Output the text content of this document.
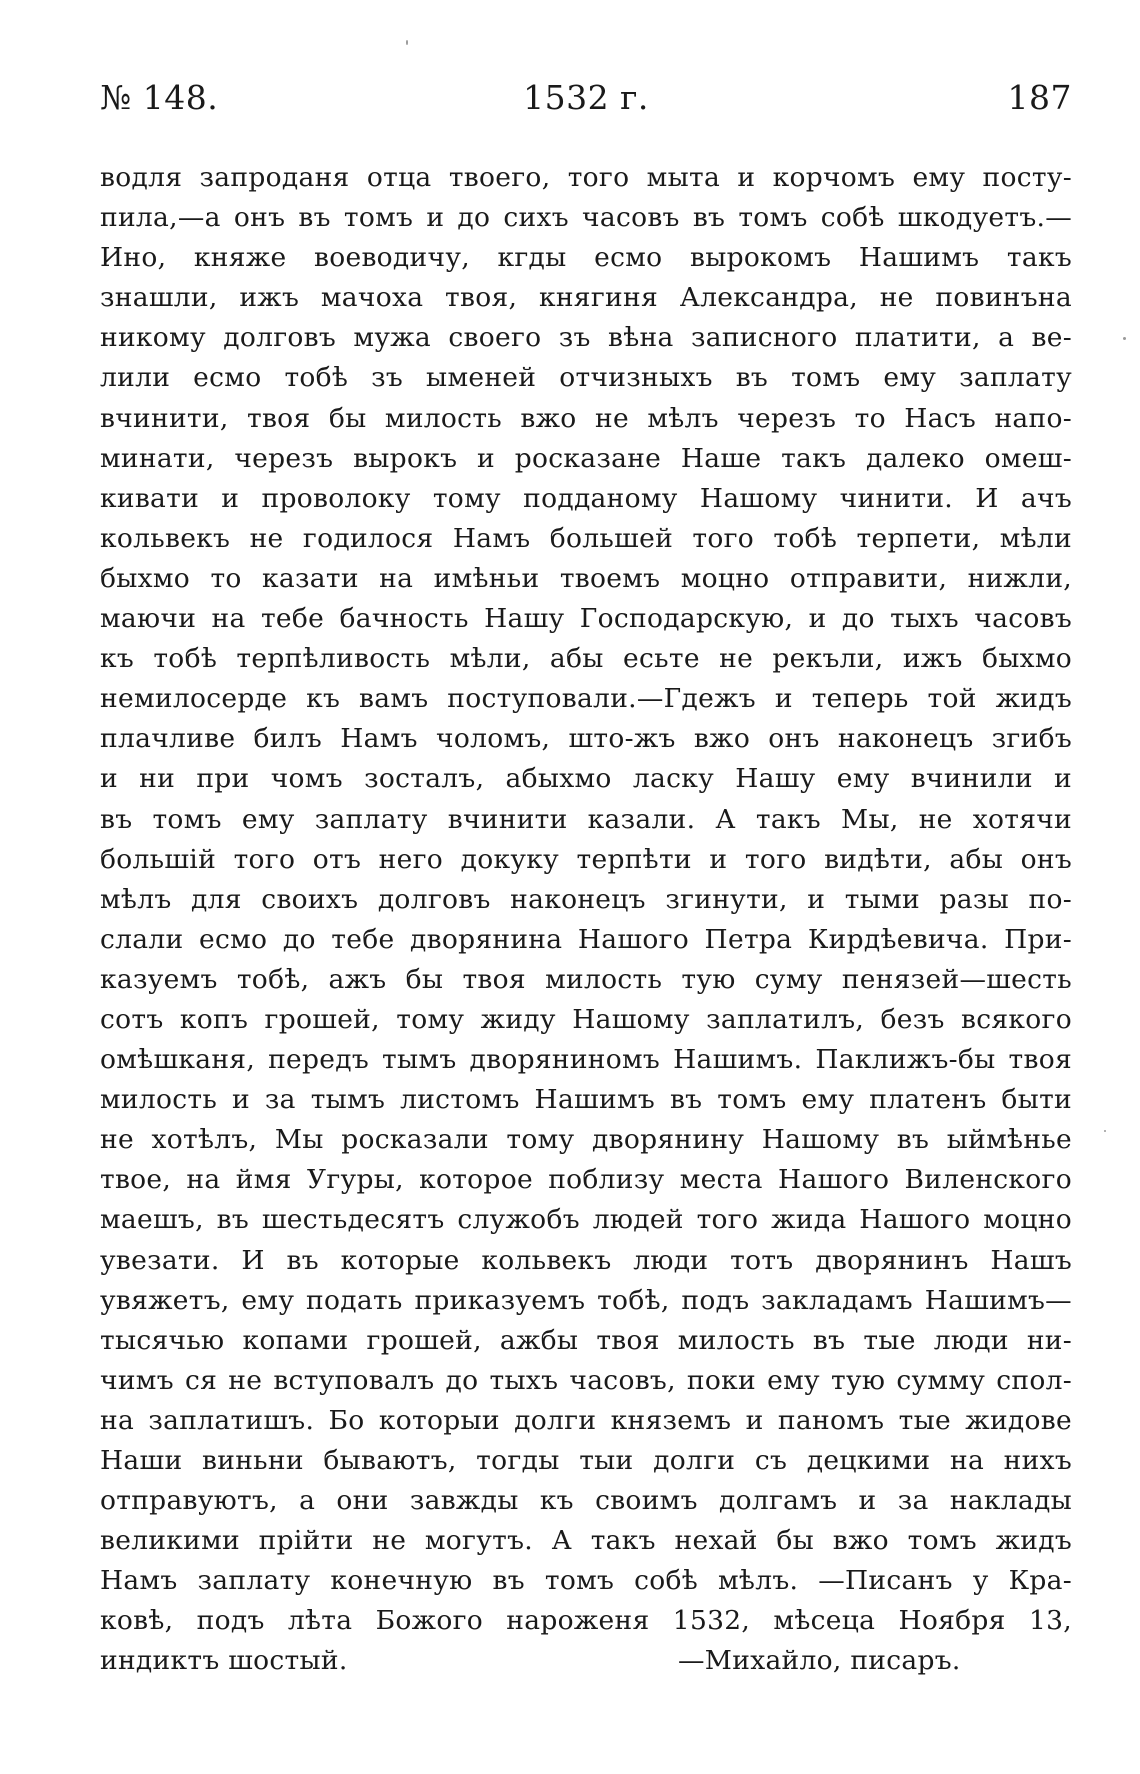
№ 148.	1532 г.	187
водля запроданя отца твоего, того мыта и корчомъ ему посту-
пила,—а онъ въ томъ и до сихъ часовъ въ томъ собѣ шкодуетъ.—
Ино, княже воеводичу, кгды есмо вырокомъ Нашимъ такъ
знашли, ижъ мачоха твоя, княгиня Александра, не повинъна
никому долговъ мужа своего зъ вѣна записного платити, а ве-
лили есмо тобѣ зъ ыменей отчизныхъ въ томъ ему заплату
вчинити, твоя бы милость вжо не мѣлъ черезъ то Насъ напо-
минати, черезъ вырокъ и росказане Наше такъ далеко омеш-
кивати и проволоку тому подданому Нашому чинити. И ачъ
кольвекъ не годилося Намъ большей того тобѣ терпети, мѣли
быхмо то казати на имѣньи твоемъ моцно отправити, нижли,
маючи на тебе бачность Нашу Господарскую, и до тыхъ часовъ
къ тобѣ терпѣливость мѣли, абы есьте не рекъли, ижъ быхмо
немилосерде къ вамъ поступовали.—Гдежъ и теперь той жидъ
плачливе билъ Намъ чоломъ, што-жъ вжо онъ наконецъ згибъ
и ни при чомъ зосталъ, абыхмо ласку Нашу ему вчинили и
въ томъ ему заплату вчинити казали. А такъ Мы, не хотячи
большій того отъ него докуку терпѣти и того видѣти, абы онъ
мѣлъ для своихъ долговъ наконецъ згинути, и тыми разы по-
слали есмо до тебе дворянина Нашого Петра Кирдѣевича. При-
казуемъ тобѣ, ажъ бы твоя милость тую суму пенязей—шесть
сотъ копъ грошей, тому жиду Нашому заплатилъ, безъ всякого
омѣшканя, передъ тымъ дворяниномъ Нашимъ. Паклижъ-бы твоя
милость и за тымъ листомъ Нашимъ въ томъ ему платенъ быти
не хотѣлъ, Мы росказали тому дворянину Нашому въ ыймѣнье
твое, на ймя Угуры, которое поблизу места Нашого Виленского
маешъ, въ шестьдесятъ служобъ людей того жида Нашого моцно
увезати. И въ которые кольвекъ люди тотъ дворянинъ Нашъ
увяжетъ, ему подать приказуемъ тобѣ, подъ закладамъ Нашимъ—
тысячью копами грошей, ажбы твоя милость въ тые люди ни-
чимъ ся не вступовалъ до тыхъ часовъ, поки ему тую сумму спол-
на заплатишъ. Бо которыи долги княземъ и паномъ тые жидове
Наши виньни бываютъ, тогды тыи долги съ децкими на нихъ
отправуютъ, а они завжды къ своимъ долгамъ и за наклады
великими прійти не могутъ. А такъ нехай бы вжо томъ жидъ
Намъ заплату конечную въ томъ собѣ мѣлъ. —Писанъ у Кра-
ковѣ, подъ лѣта Божого нароженя 1532, мѣсеца Ноября 13,
индиктъ шостый.	—Михайло, писаръ.
